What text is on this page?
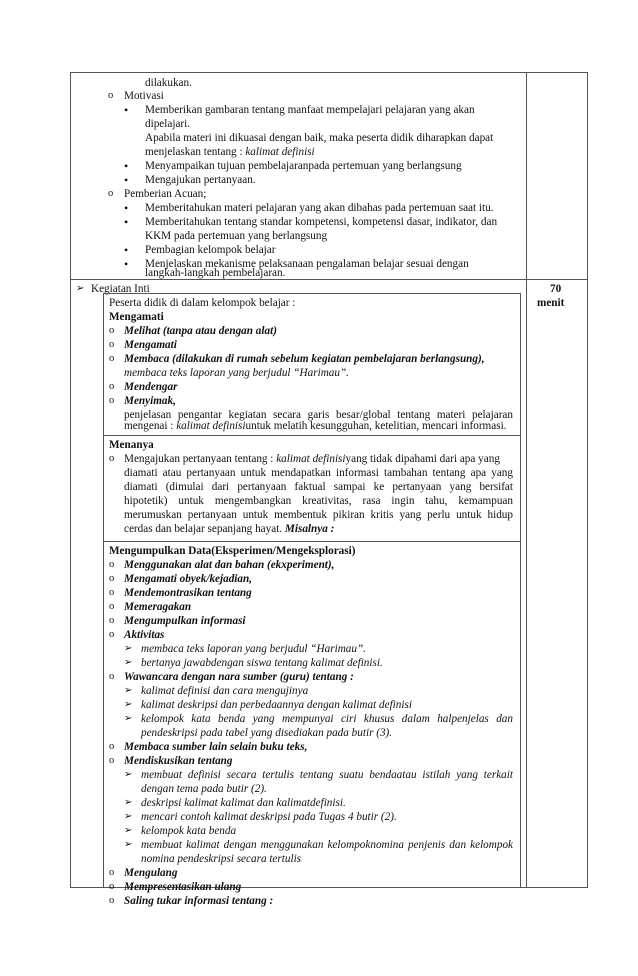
dilakukan.
o Motivasi
• Memberikan gambaran tentang manfaat mempelajari pelajaran yang akan
dipelajari.
Apabila materi ini dikuasai dengan baik, maka peserta didik diharapkan dapat
menjelaskan tentang : kalimat definisi
• Menyampaikan tujuan pembelajaranpada pertemuan yang berlangsung
• Mengajukan pertanyaan.
o Pemberian Acuan;
• Memberitahukan materi pelajaran yang akan dibahas pada pertemuan saat itu.
• Memberitahukan tentang standar kompetensi, kompetensi dasar, indikator, dan
KKM pada pertemuan yang berlangsung
• Pembagian kelompok belajar
• Menjelaskan mekanisme pelaksanaan pengalaman belajar sesuai dengan
langkah-langkah pembelajaran.
➢ Kegiatan Inti	70
menit
Peserta didik di dalam kelompok belajar :
Mengamati
o Melihat (tanpa atau dengan alat)
o Mengamati
o Membaca (dilakukan di rumah sebelum kegiatan pembelajaran berlangsung),
membaca teks laporan yang berjudul “Harimau”.
o Mendengar
o Menyimak,
penjelasan pengantar kegiatan secara garis besar/global tentang materi pelajaran
mengenai : kalimat definisiuntuk melatih kesungguhan, ketelitian, mencari informasi.
Menanya
o Mengajukan pertanyaan tentang : kalimat definisiyang tidak dipahami dari apa yang
diamati atau pertanyaan untuk mendapatkan informasi tambahan tentang apa yang
diamati (dimulai dari pertanyaan faktual sampai ke pertanyaan yang bersifat
hipotetik) untuk mengembangkan kreativitas, rasa ingin tahu, kemampuan
merumuskan pertanyaan untuk membentuk pikiran kritis yang perlu untuk hidup
cerdas dan belajar sepanjang hayat. Misalnya :
Mengumpulkan Data(Eksperimen/Mengeksplorasi)
o Menggunakan alat dan bahan (ekxperiment),
o Mengamati obyek/kejadian,
o Mendemontrasikan tentang
o Memeragakan
o Mengumpulkan informasi
o Aktivitas
➢ membaca teks laporan yang berjudul “Harimau”.
➢ bertanya jawabdengan siswa tentang kalimat definisi.
o Wawancara dengan nara sumber (guru) tentang :
➢ kalimat definisi dan cara mengujinya
➢ kalimat deskripsi dan perbedaannya dengan kalimat definisi
➢ kelompok kata benda yang mempunyai ciri khusus dalam halpenjelas dan
pendeskripsi pada tabel yang disediakan pada butir (3).
o Membaca sumber lain selain buku teks,
o Mendiskusikan tentang
➢ membuat definisi secara tertulis tentang suatu bendaatau istilah yang terkait
dengan tema pada butir (2).
➢ deskripsi kalimat kalimat dan kalimatdefinisi.
➢ mencari contoh kalimat deskripsi pada Tugas 4 butir (2).
➢ kelompok kata benda
➢ membuat kalimat dengan menggunakan kelompoknomina penjenis dan kelompok
nomina pendeskripsi secara tertulis
o Mengulang
o Mempresentasikan ulang
o Saling tukar informasi tentang :
